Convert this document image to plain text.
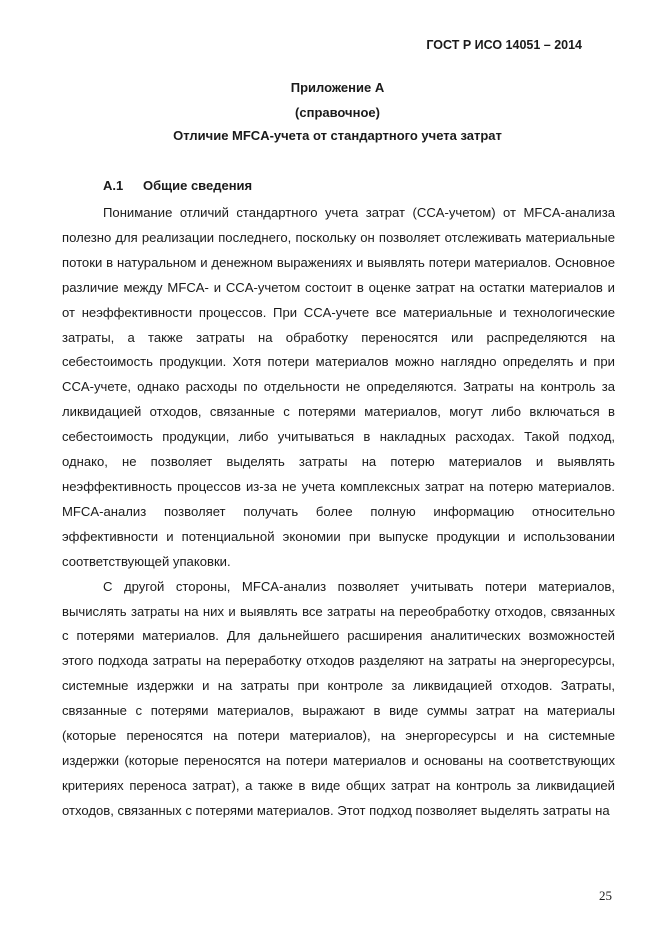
ГОСТ Р ИСО 14051 – 2014

Приложение А

(справочное)

Отличие MFCA-учета от стандартного учета затрат

А.1 Общие сведения

Понимание отличий стандартного учета затрат (CCA-учетом) от MFCA-анализа полезно для реализации последнего, поскольку он позволяет отслеживать материальные потоки в натуральном и денежном выражениях и выявлять потери материалов. Основное различие между MFCA- и CCA-учетом состоит в оценке затрат на остатки материалов и от неэффективности процессов. При CCA-учете все материальные и технологические затраты, а также затраты на обработку переносятся или распределяются на себестоимость продукции. Хотя потери материалов можно наглядно определять и при CCA-учете, однако расходы по отдельности не определяются. Затраты на контроль за ликвидацией отходов, связанные с потерями материалов, могут либо включаться в себестоимость продукции, либо учитываться в накладных расходах. Такой подход, однако, не позволяет выделять затраты на потерю материалов и выявлять неэффективность процессов из-за не учета комплексных затрат на потерю материалов. MFCA-анализ позволяет получать более полную информацию относительно эффективности и потенциальной экономии при выпуске продукции и использовании соответствующей упаковки.

С другой стороны, MFCA-анализ позволяет учитывать потери материалов, вычислять затраты на них и выявлять все затраты на переобработку отходов, связанных с потерями материалов. Для дальнейшего расширения аналитических возможностей этого подхода затраты на переработку отходов разделяют на затраты на энергоресурсы, системные издержки и на затраты при контроле за ликвидацией отходов. Затраты, связанные с потерями материалов, выражают в виде суммы затрат на материалы (которые переносятся на потери материалов), на энергоресурсы и на системные издержки (которые переносятся на потери материалов и основаны на соответствующих критериях переноса затрат), а также в виде общих затрат на контроль за ликвидацией отходов, связанных с потерями материалов. Этот подход позволяет выделять затраты на

25
